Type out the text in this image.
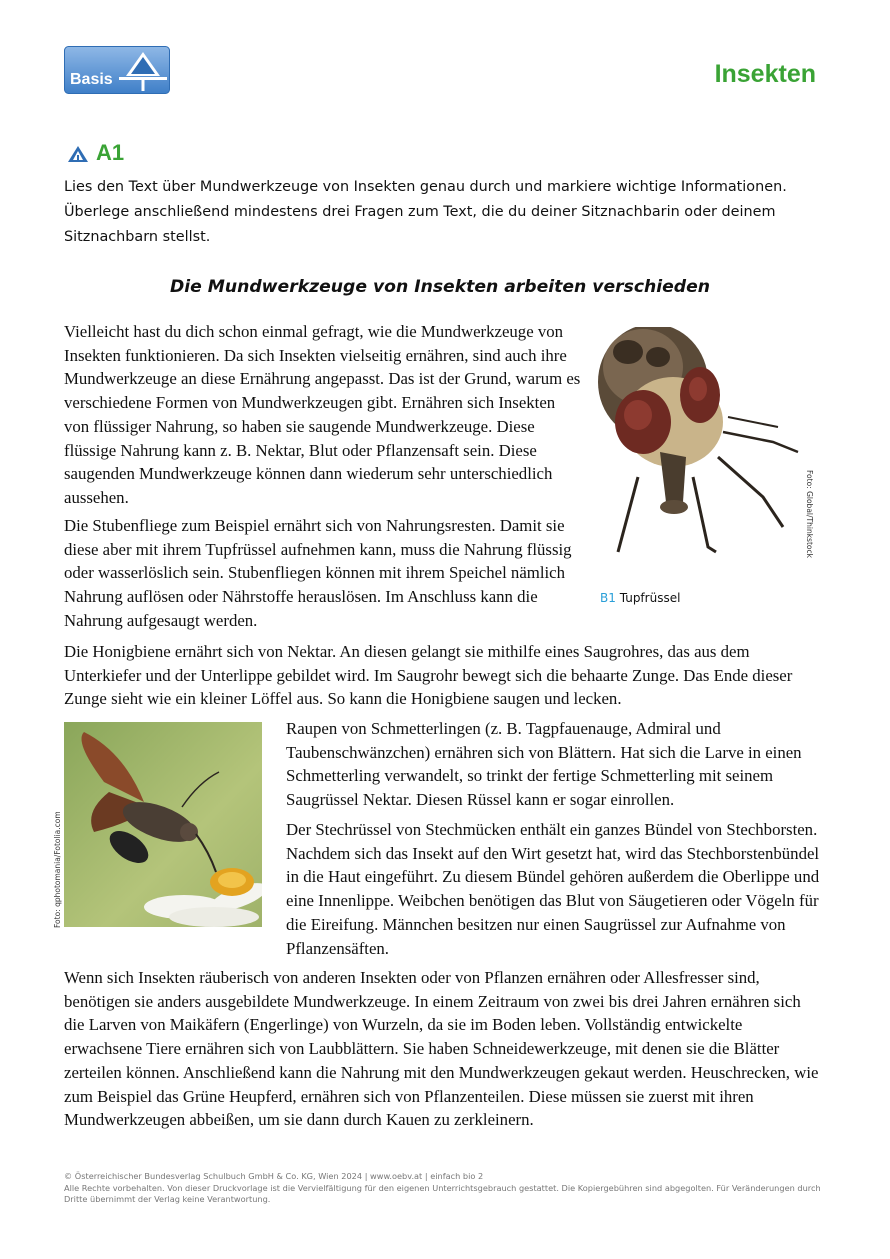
Basis	Insekten
A1

Lies den Text über Mundwerkzeuge von Insekten genau durch und markiere wichtige Informationen. Überlege anschließend mindestens drei Fragen zum Text, die du deiner Sitznachbarin oder deinem Sitznachbarn stellst.

Die Mundwerkzeuge von Insekten arbeiten verschieden

Vielleicht hast du dich schon einmal gefragt, wie die Mundwerkzeuge von Insekten funktionieren. Da sich Insekten vielseitig ernähren, sind auch ihre Mundwerkzeuge an diese Ernährung angepasst. Das ist der Grund, warum es verschiedene Formen von Mundwerkzeugen gibt. Ernähren sich Insekten von flüssiger Nahrung, so haben sie saugende Mundwerkzeuge. Diese flüssige Nahrung kann z. B. Nektar, Blut oder Pflanzensaft sein. Diese saugenden Mundwerkzeuge können dann wiederum sehr unterschiedlich aussehen.

Die Stubenfliege zum Beispiel ernährt sich von Nahrungsresten. Damit sie diese aber mit ihrem Tupfrüssel aufnehmen kann, muss die Nahrung flüssig oder wasserlöslich sein. Stubenfliegen können mit ihrem Speichel nämlich Nahrung auflösen oder Nährstoffe herauslösen. Im Anschluss kann die Nahrung aufgesaugt werden.

Foto: Global/Thinkstock
B1 Tupfrüssel

Die Honigbiene ernährt sich von Nektar. An diesen gelangt sie mithilfe eines Saugrohres, das aus dem Unterkiefer und der Unterlippe gebildet wird. Im Saugrohr bewegt sich die behaarte Zunge. Das Ende dieser Zunge sieht wie ein kleiner Löffel aus. So kann die Honigbiene saugen und lecken.

Foto: qphotomania/Fotolia.com

Raupen von Schmetterlingen (z. B. Tagpfauenauge, Admiral und Taubenschwänzchen) ernähren sich von Blättern. Hat sich die Larve in einen Schmetterling verwandelt, so trinkt der fertige Schmetterling mit seinem Saugrüssel Nektar. Diesen Rüssel kann er sogar einrollen.

Der Stechrüssel von Stechmücken enthält ein ganzes Bündel von Stechborsten. Nachdem sich das Insekt auf den Wirt gesetzt hat, wird das Stechborstenbündel in die Haut eingeführt. Zu diesem Bündel gehören außerdem die Oberlippe und eine Innenlippe. Weibchen benötigen das Blut von Säugetieren oder Vögeln für die Eireifung. Männchen besitzen nur einen Saugrüssel zur Aufnahme von Pflanzensäften.

Wenn sich Insekten räuberisch von anderen Insekten oder von Pflanzen ernähren oder Allesfresser sind, benötigen sie anders ausgebildete Mundwerkzeuge. In einem Zeitraum von zwei bis drei Jahren ernähren sich die Larven von Maikäfern (Engerlinge) von Wurzeln, da sie im Boden leben. Vollständig entwickelte erwachsene Tiere ernähren sich von Laubblättern. Sie haben Schneidewerkzeuge, mit denen sie die Blätter zerteilen können. Anschließend kann die Nahrung mit den Mundwerkzeugen gekaut werden. Heuschrecken, wie zum Beispiel das Grüne Heupferd, ernähren sich von Pflanzenteilen. Diese müssen sie zuerst mit ihren Mundwerkzeugen abbeißen, um sie dann durch Kauen zu zerkleinern.

© Österreichischer Bundesverlag Schulbuch GmbH & Co. KG, Wien 2024 | www.oebv.at | einfach bio 2
Alle Rechte vorbehalten. Von dieser Druckvorlage ist die Vervielfältigung für den eigenen Unterrichtsgebrauch gestattet. Die Kopiergebühren sind abgegolten. Für Veränderungen durch Dritte übernimmt der Verlag keine Verantwortung.
